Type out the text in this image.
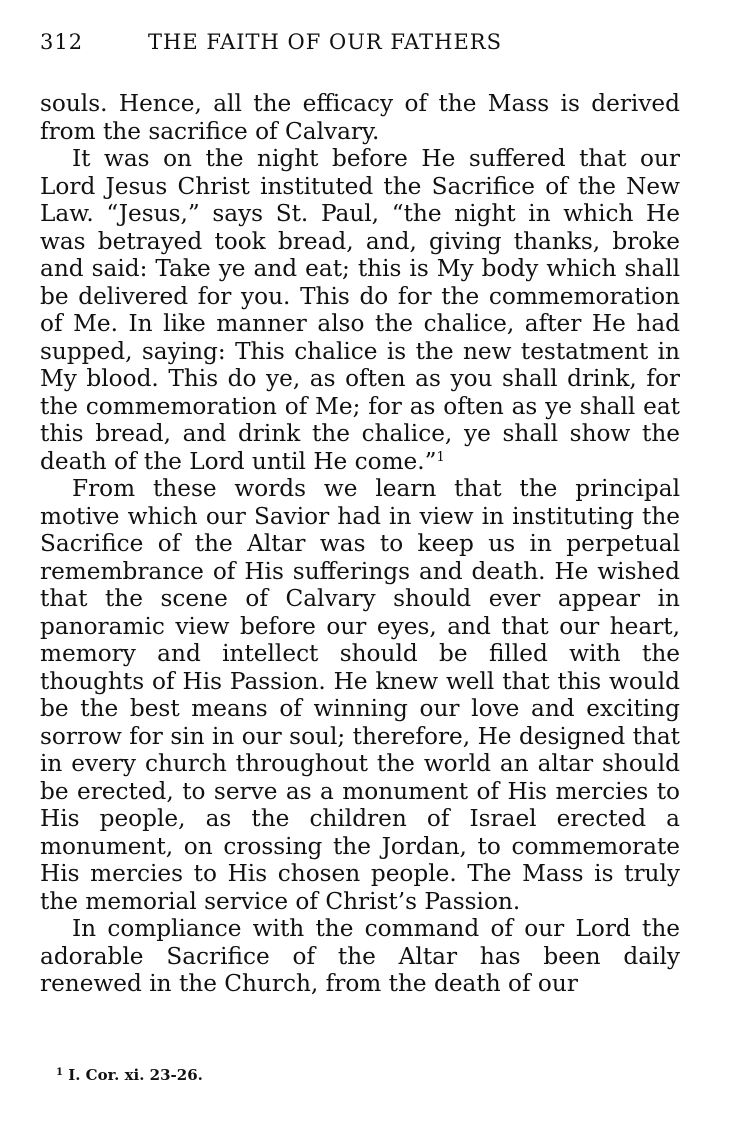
312	THE FAITH OF OUR FATHERS

souls. Hence, all the efficacy of the Mass is derived from the sacrifice of Calvary.

It was on the night before He suffered that our Lord Jesus Christ instituted the Sacrifice of the New Law. “Jesus,” says St. Paul, “the night in which He was betrayed took bread, and, giving thanks, broke and said: Take ye and eat; this is My body which shall be delivered for you. This do for the commemoration of Me. In like manner also the chalice, after He had supped, saying: This chalice is the new testatment in My blood. This do ye, as often as you shall drink, for the commemoration of Me; for as often as ye shall eat this bread, and drink the chalice, ye shall show the death of the Lord until He come.”$^1$

From these words we learn that the principal motive which our Savior had in view in instituting the Sacrifice of the Altar was to keep us in perpetual remembrance of His sufferings and death. He wished that the scene of Calvary should ever appear in panoramic view before our eyes, and that our heart, memory and intellect should be filled with the thoughts of His Passion. He knew well that this would be the best means of winning our love and exciting sorrow for sin in our soul; therefore, He designed that in every church throughout the world an altar should be erected, to serve as a monument of His mercies to His people, as the children of Israel erected a monument, on crossing the Jordan, to commemorate His mercies to His chosen people. The Mass is truly the memorial service of Christ’s Passion.

In compliance with the command of our Lord the adorable Sacrifice of the Altar has been daily renewed in the Church, from the death of our

$^1$ I. Cor. xi. 23-26.
